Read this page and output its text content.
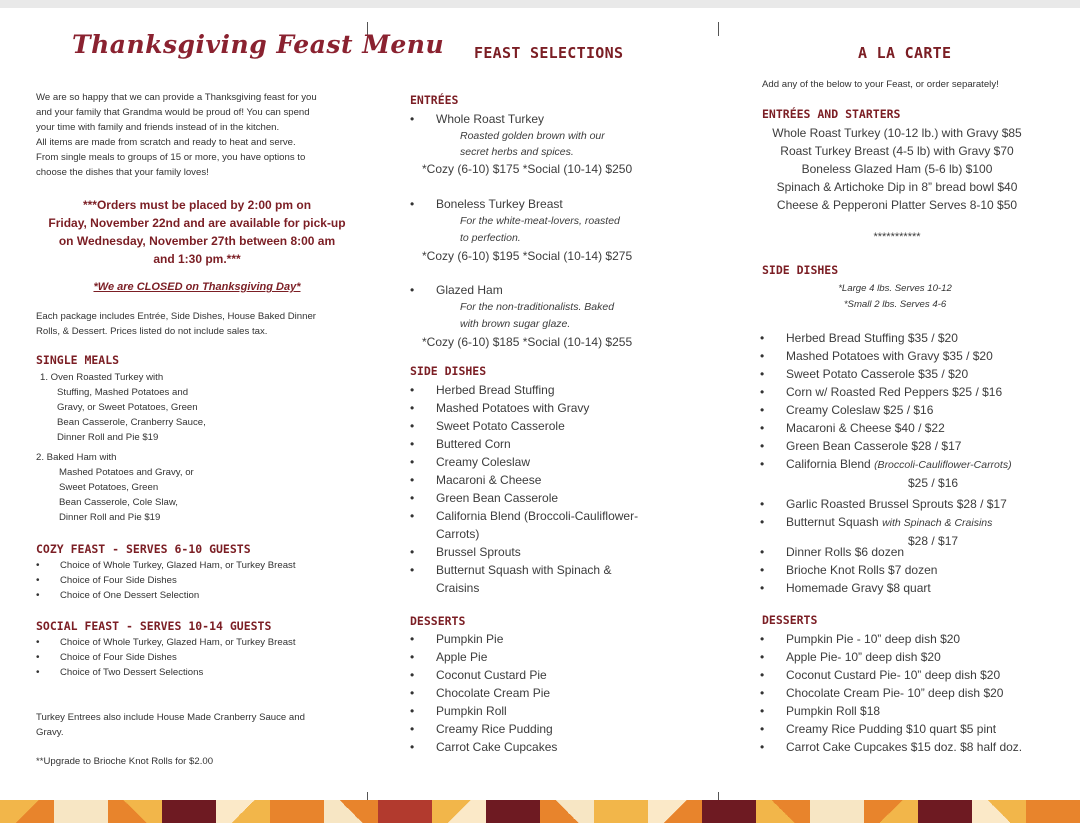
Thanksgiving Feast Menu
We are so happy that we can provide a Thanksgiving feast for you
and your family that Grandma would be proud of! You can spend
your time with family and friends instead of in the kitchen.
All items are made from scratch and ready to heat and serve.
From single meals to groups of 15 or more, you have options to
choose the dishes that your family loves!
***Orders must be placed by 2:00 pm on
Friday, November 22nd and are available for pick-up
on Wednesday, November 27th between 8:00 am
and 1:30 pm.***
*We are CLOSED on Thanksgiving Day*
Each package includes Entrée, Side Dishes, House Baked Dinner
Rolls, & Dessert. Prices listed do not include sales tax.
SINGLE MEALS
1. Oven Roasted Turkey with
Stuffing, Mashed Potatoes and
Gravy, or Sweet Potatoes, Green
Bean Casserole, Cranberry Sauce,
Dinner Roll and Pie $19
2. Baked Ham with
Mashed Potatoes and Gravy, or
Sweet Potatoes, Green
Bean Casserole, Cole Slaw,
Dinner Roll and Pie $19
COZY FEAST - SERVES 6-10 GUESTS
• Choice of Whole Turkey, Glazed Ham, or Turkey Breast
• Choice of Four Side Dishes
• Choice of One Dessert Selection
SOCIAL FEAST - SERVES 10-14 GUESTS
• Choice of Whole Turkey, Glazed Ham, or Turkey Breast
• Choice of Four Side Dishes
• Choice of Two Dessert Selections
Turkey Entrees also include House Made Cranberry Sauce and
Gravy.
**Upgrade to Brioche Knot Rolls for $2.00
FEAST SELECTIONS
ENTRÉES
• Whole Roast Turkey
Roasted golden brown with our
secret herbs and spices.
*Cozy (6-10) $175 *Social (10-14) $250
• Boneless Turkey Breast
For the white-meat-lovers, roasted
to perfection.
*Cozy (6-10) $195 *Social (10-14) $275
• Glazed Ham
For the non-traditionalists. Baked
with brown sugar glaze.
*Cozy (6-10) $185 *Social (10-14) $255
SIDE DISHES
• Herbed Bread Stuffing
• Mashed Potatoes with Gravy
• Sweet Potato Casserole
• Buttered Corn
• Creamy Coleslaw
• Macaroni & Cheese
• Green Bean Casserole
• California Blend (Broccoli-Cauliflower-
Carrots)
• Brussel Sprouts
• Butternut Squash with Spinach &
Craisins
DESSERTS
• Pumpkin Pie
• Apple Pie
• Coconut Custard Pie
• Chocolate Cream Pie
• Pumpkin Roll
• Creamy Rice Pudding
• Carrot Cake Cupcakes
A LA CARTE
Add any of the below to your Feast, or order separately!
ENTRÉES AND STARTERS
Whole Roast Turkey (10-12 lb.) with Gravy $85
Roast Turkey Breast (4-5 lb) with Gravy $70
Boneless Glazed Ham (5-6 lb) $100
Spinach & Artichoke Dip in 8” bread bowl $40
Cheese & Pepperoni Platter Serves 8-10 $50
***********
SIDE DISHES
*Large 4 lbs. Serves 10-12
*Small 2 lbs. Serves 4-6
• Herbed Bread Stuffing $35 / $20
• Mashed Potatoes with Gravy $35 / $20
• Sweet Potato Casserole $35 / $20
• Corn w/ Roasted Red Peppers $25 / $16
• Creamy Coleslaw $25 / $16
• Macaroni & Cheese $40 / $22
• Green Bean Casserole $28 / $17
• California Blend (Broccoli-Cauliflower-Carrots)
$25 / $16
• Garlic Roasted Brussel Sprouts $28 / $17
• Butternut Squash with Spinach & Craisins
$28 / $17
• Dinner Rolls $6 dozen
• Brioche Knot Rolls $7 dozen
• Homemade Gravy $8 quart
DESSERTS
• Pumpkin Pie - 10” deep dish $20
• Apple Pie- 10” deep dish $20
• Coconut Custard Pie- 10” deep dish $20
• Chocolate Cream Pie- 10” deep dish $20
• Pumpkin Roll $18
• Creamy Rice Pudding $10 quart $5 pint
• Carrot Cake Cupcakes $15 doz. $8 half doz.
